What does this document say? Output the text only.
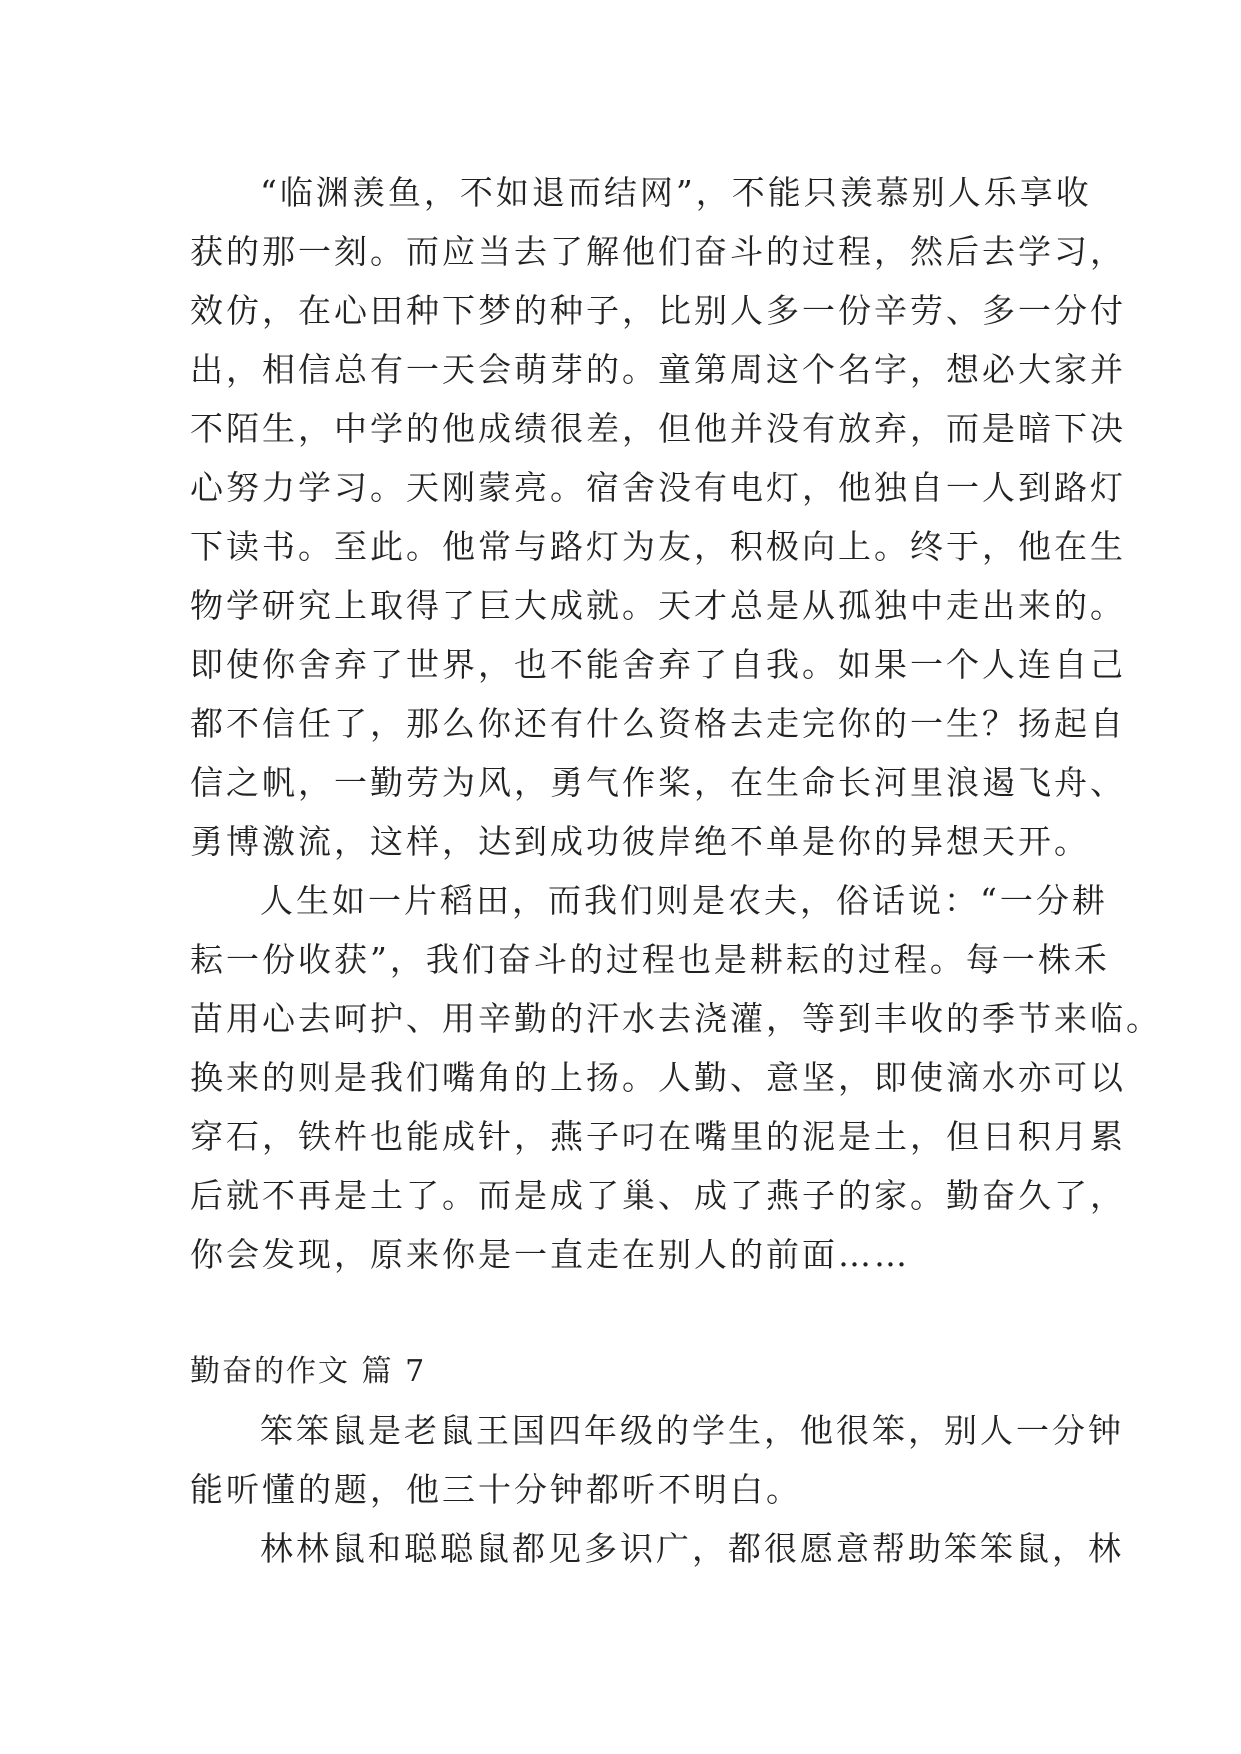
“临渊羡鱼，不如退而结网”，不能只羡慕别人乐享收
获的那一刻。而应当去了解他们奋斗的过程，然后去学习，
效仿，在心田种下梦的种子，比别人多一份辛劳、多一分付
出，相信总有一天会萌芽的。童第周这个名字，想必大家并
不陌生，中学的他成绩很差，但他并没有放弃，而是暗下决
心努力学习。天刚蒙亮。宿舍没有电灯，他独自一人到路灯
下读书。至此。他常与路灯为友，积极向上。终于，他在生
物学研究上取得了巨大成就。天才总是从孤独中走出来的。
即使你舍弃了世界，也不能舍弃了自我。如果一个人连自己
都不信任了，那么你还有什么资格去走完你的一生？扬起自
信之帆，一勤劳为风，勇气作桨，在生命长河里浪遏飞舟、
勇博激流，这样，达到成功彼岸绝不单是你的异想天开。
人生如一片稻田，而我们则是农夫，俗话说：“一分耕
耘一份收获”，我们奋斗的过程也是耕耘的过程。每一株禾
苗用心去呵护、用辛勤的汗水去浇灌，等到丰收的季节来临。
换来的则是我们嘴角的上扬。人勤、意坚，即使滴水亦可以
穿石，铁杵也能成针，燕子叼在嘴里的泥是土，但日积月累
后就不再是土了。而是成了巢、成了燕子的家。勤奋久了，
你会发现，原来你是一直走在别人的前面……
勤奋的作文 篇 7
笨笨鼠是老鼠王国四年级的学生，他很笨，别人一分钟
能听懂的题，他三十分钟都听不明白。
林林鼠和聪聪鼠都见多识广，都很愿意帮助笨笨鼠，林
